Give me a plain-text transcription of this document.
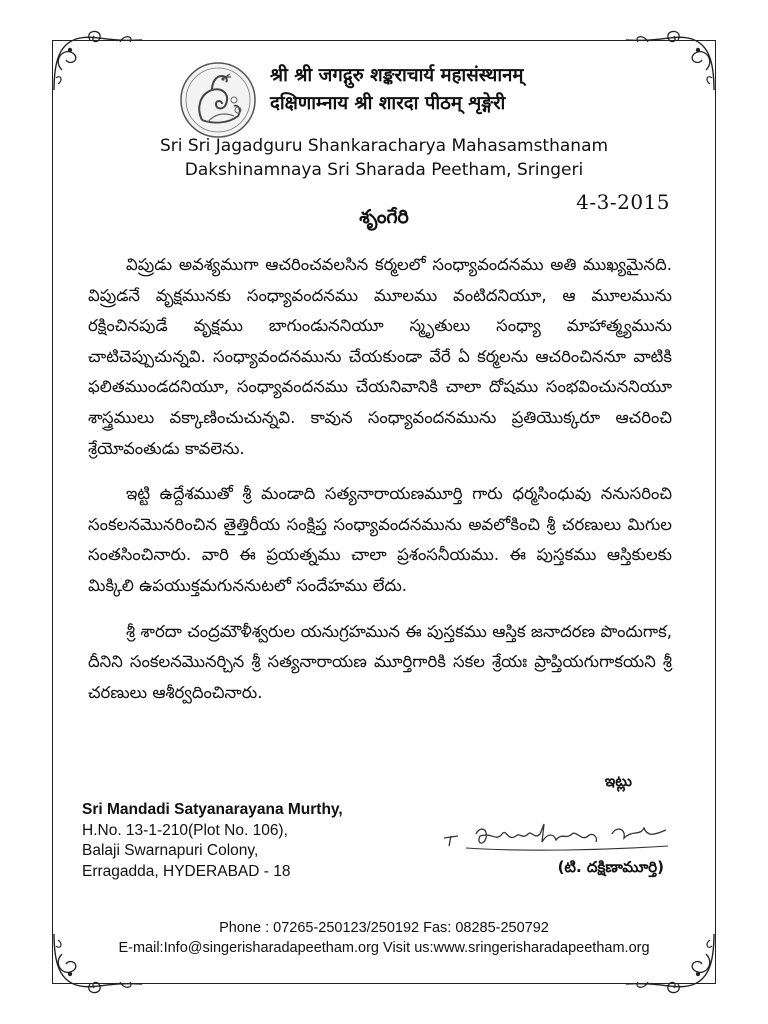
श्री श्री जगद्गुरु शङ्कराचार्य महासंस्थानम्
दक्षिणाम्नाय श्री शारदा पीठम् शृङ्गेरी
Sri Sri Jagadguru Shankaracharya Mahasamsthanam
Dakshinamnaya Sri Sharada Peetham, Sringeri
4-3-2015
శృంగేరి

విప్రుడు అవశ్యముగా ఆచరించవలసిన కర్మలలో సంధ్యావందనము అతి ముఖ్యమైనది. విప్రుడనే వృక్షమునకు సంధ్యావందనము మూలము వంటిదనియూ, ఆ మూలమును రక్షించినపుడే వృక్షము బాగుండుననియూ స్మృతులు సంధ్యా మాహాత్మ్యమును చాటిచెప్పుచున్నవి. సంధ్యావందనమును చేయకుండా వేరే ఏ కర్మలను ఆచరించిననూ వాటికి ఫలితముండదనియూ, సంధ్యావందనము చేయనివానికి చాలా దోషము సంభవించుననియూ శాస్త్రములు వక్కాణించుచున్నవి. కావున సంధ్యావందనమును ప్రతియొక్కరూ ఆచరించి శ్రేయోవంతుడు కావలెను.

ఇట్టి ఉద్దేశముతో శ్రీ మండాది సత్యనారాయణమూర్తి గారు ధర్మసింధువు ననుసరించి సంకలనమొనరించిన తైత్తిరీయ సంక్షిప్త సంధ్యావందనమును అవలోకించి శ్రీ చరణులు మిగుల సంతసించినారు. వారి ఈ ప్రయత్నము చాలా ప్రశంసనీయము. ఈ పుస్తకము ఆస్తికులకు మిక్కిలి ఉపయుక్తమగుననుటలో సందేహము లేదు.

శ్రీ శారదా చంద్రమౌళీశ్వరుల యనుగ్రహమున ఈ పుస్తకము ఆస్తిక జనాదరణ పొందుగాక, దీనిని సంకలనమొనర్చిన శ్రీ సత్యనారాయణ మూర్తిగారికి సకల శ్రేయః ప్రాప్తియగుగాకయని శ్రీ చరణులు ఆశీర్వదించినారు.

ఇట్లు
Sri Mandadi Satyanarayana Murthy,
H.No. 13-1-210(Plot No. 106),
Balaji Swarnapuri Colony,
Erragadda, HYDERABAD - 18	(టి. దక్షిణామూర్తి)
Phone : 07265-250123/250192 Fas: 08285-250792
E-mail:Info@singerisharadapeetham.org Visit us:www.sringerisharadapeetham.org
